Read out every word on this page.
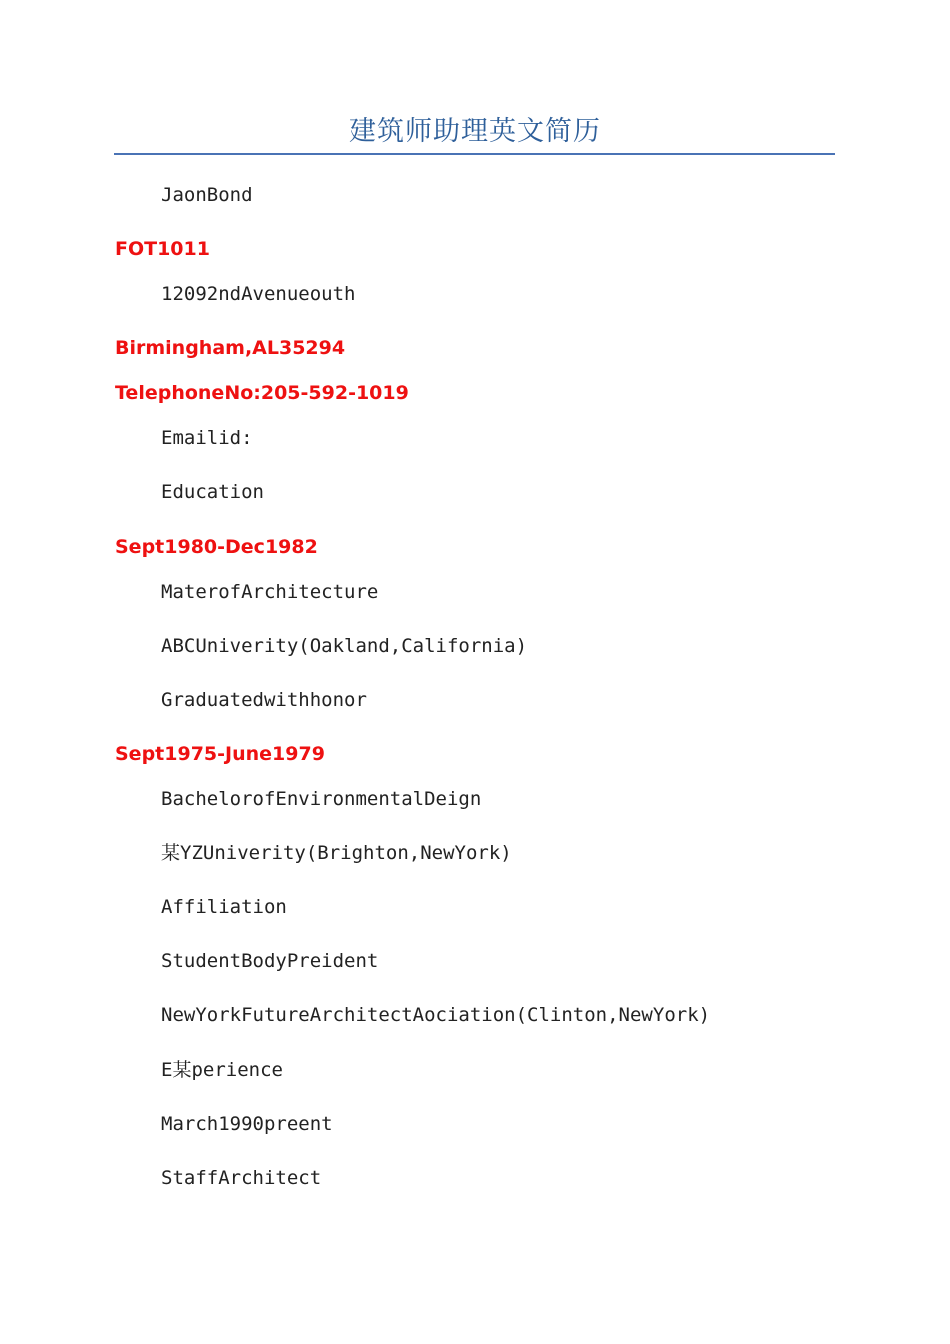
建筑师助理英文简历
JaonBond
FOT1011
12092ndAvenueouth
Birmingham,AL35294
TelephoneNo:205-592-1019
Emailid:
Education
Sept1980-Dec1982
MaterofArchitecture
ABCUniverity(Oakland,California)
Graduatedwithhonor
Sept1975-June1979
BachelorofEnvironmentalDeign
某YZUniverity(Brighton,NewYork)
Affiliation
StudentBodyPreident
NewYorkFutureArchitectAociation(Clinton,NewYork)
E某perience
March1990preent
StaffArchitect
